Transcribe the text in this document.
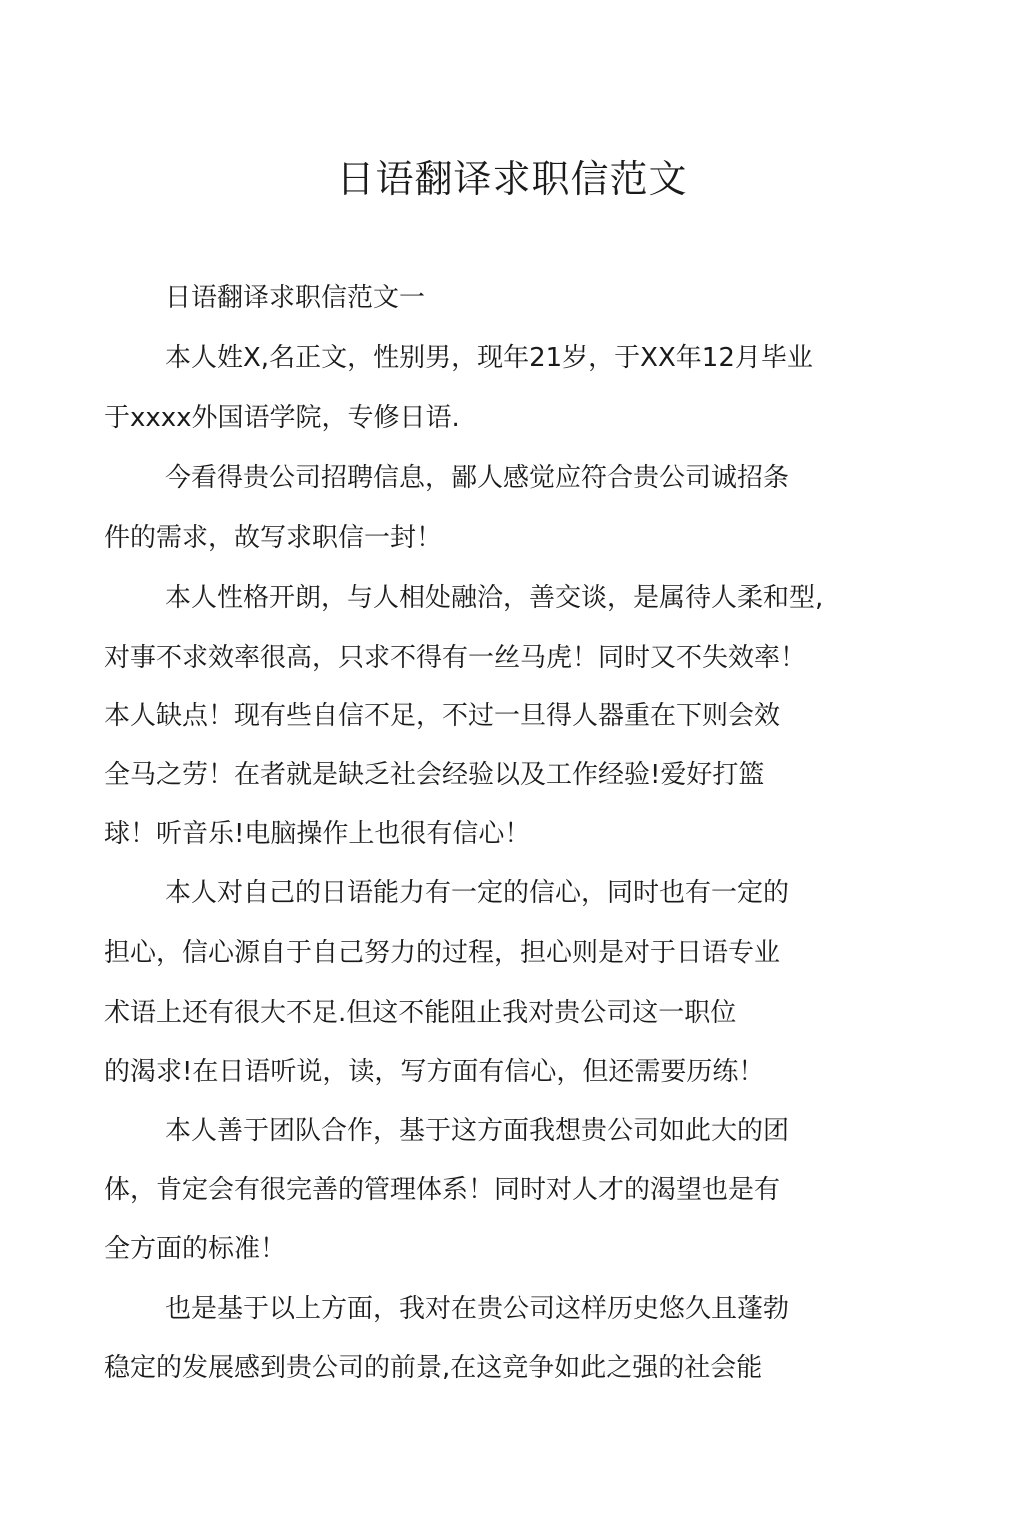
日语翻译求职信范文
日语翻译求职信范文一
本人姓X,名正文，性别男，现年21岁，于XX年12月毕业
于xxxx外国语学院，专修日语.
今看得贵公司招聘信息，鄙人感觉应符合贵公司诚招条
件的需求，故写求职信一封！
本人性格开朗，与人相处融洽，善交谈，是属待人柔和型,
对事不求效率很高，只求不得有一丝马虎！同时又不失效率！
本人缺点！现有些自信不足，不过一旦得人器重在下则会效
全马之劳！在者就是缺乏社会经验以及工作经验!爱好打篮
球！听音乐!电脑操作上也很有信心！
本人对自己的日语能力有一定的信心，同时也有一定的
担心，信心源自于自己努力的过程，担心则是对于日语专业
术语上还有很大不足.但这不能阻止我对贵公司这一职位
的渴求!在日语听说，读，写方面有信心，但还需要历练！
本人善于团队合作，基于这方面我想贵公司如此大的团
体，肯定会有很完善的管理体系！同时对人才的渴望也是有
全方面的标准！
也是基于以上方面，我对在贵公司这样历史悠久且蓬勃
稳定的发展感到贵公司的前景,在这竞争如此之强的社会能
